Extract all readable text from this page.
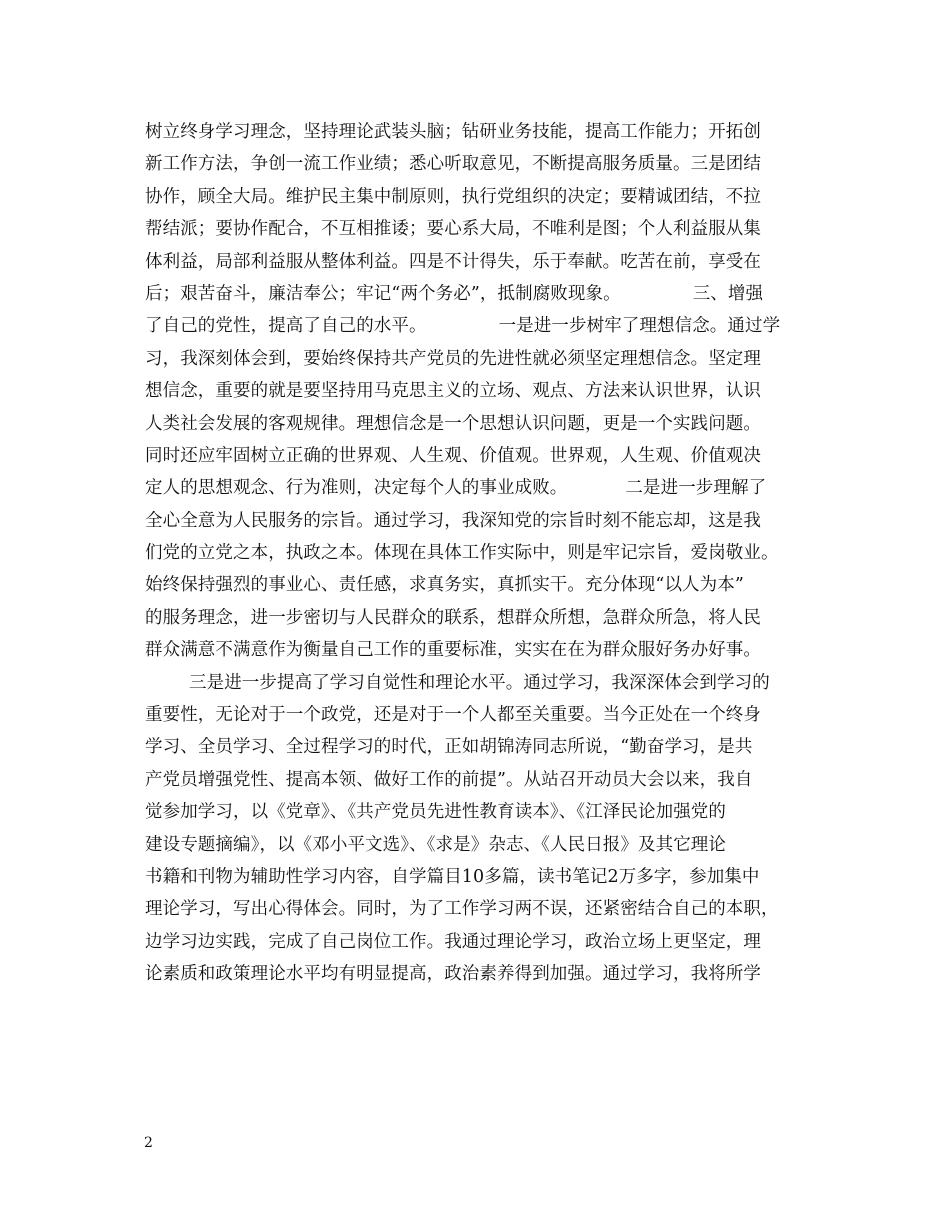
树立终身学习理念，坚持理论武装头脑；钻研业务技能，提高工作能力；开拓创
新工作方法，争创一流工作业绩；悉心听取意见，不断提高服务质量。三是团结
协作，顾全大局。维护民主集中制原则，执行党组织的决定；要精诚团结，不拉
帮结派；要协作配合，不互相推诿；要心系大局，不唯利是图；个人利益服从集
体利益，局部利益服从整体利益。四是不计得失，乐于奉献。吃苦在前，享受在
后；艰苦奋斗，廉洁奉公；牢记“两个务必”，抵制腐败现象。	三、增强
了自己的党性，提高了自己的水平。	一是进一步树牢了理想信念。通过学
习，我深刻体会到，要始终保持共产党员的先进性就必须坚定理想信念。坚定理
想信念，重要的就是要坚持用马克思主义的立场、观点、方法来认识世界，认识
人类社会发展的客观规律。理想信念是一个思想认识问题，更是一个实践问题。
同时还应牢固树立正确的世界观、人生观、价值观。世界观，人生观、价值观决
定人的思想观念、行为准则，决定每个人的事业成败。	二是进一步理解了
全心全意为人民服务的宗旨。通过学习，我深知党的宗旨时刻不能忘却，这是我
们党的立党之本，执政之本。体现在具体工作实际中，则是牢记宗旨，爱岗敬业。
始终保持强烈的事业心、责任感，求真务实，真抓实干。充分体现“以人为本”
的服务理念，进一步密切与人民群众的联系，想群众所想，急群众所急，将人民
群众满意不满意作为衡量自己工作的重要标准，实实在在为群众服好务办好事。
三是进一步提高了学习自觉性和理论水平。通过学习，我深深体会到学习的
重要性，无论对于一个政党，还是对于一个人都至关重要。当今正处在一个终身
学习、全员学习、全过程学习的时代，正如胡锦涛同志所说，“勤奋学习，是共
产党员增强党性、提高本领、做好工作的前提”。从站召开动员大会以来，我自
觉参加学习，以《党章》、《共产党员先进性教育读本》、《江泽民论加强党的
建设专题摘编》，以《邓小平文选》、《求是》杂志、《人民日报》及其它理论
书籍和刊物为辅助性学习内容，自学篇目10多篇，读书笔记2万多字，参加集中
理论学习，写出心得体会。同时，为了工作学习两不误，还紧密结合自己的本职，
边学习边实践，完成了自己岗位工作。我通过理论学习，政治立场上更坚定，理
论素质和政策理论水平均有明显提高，政治素养得到加强。通过学习，我将所学
2
